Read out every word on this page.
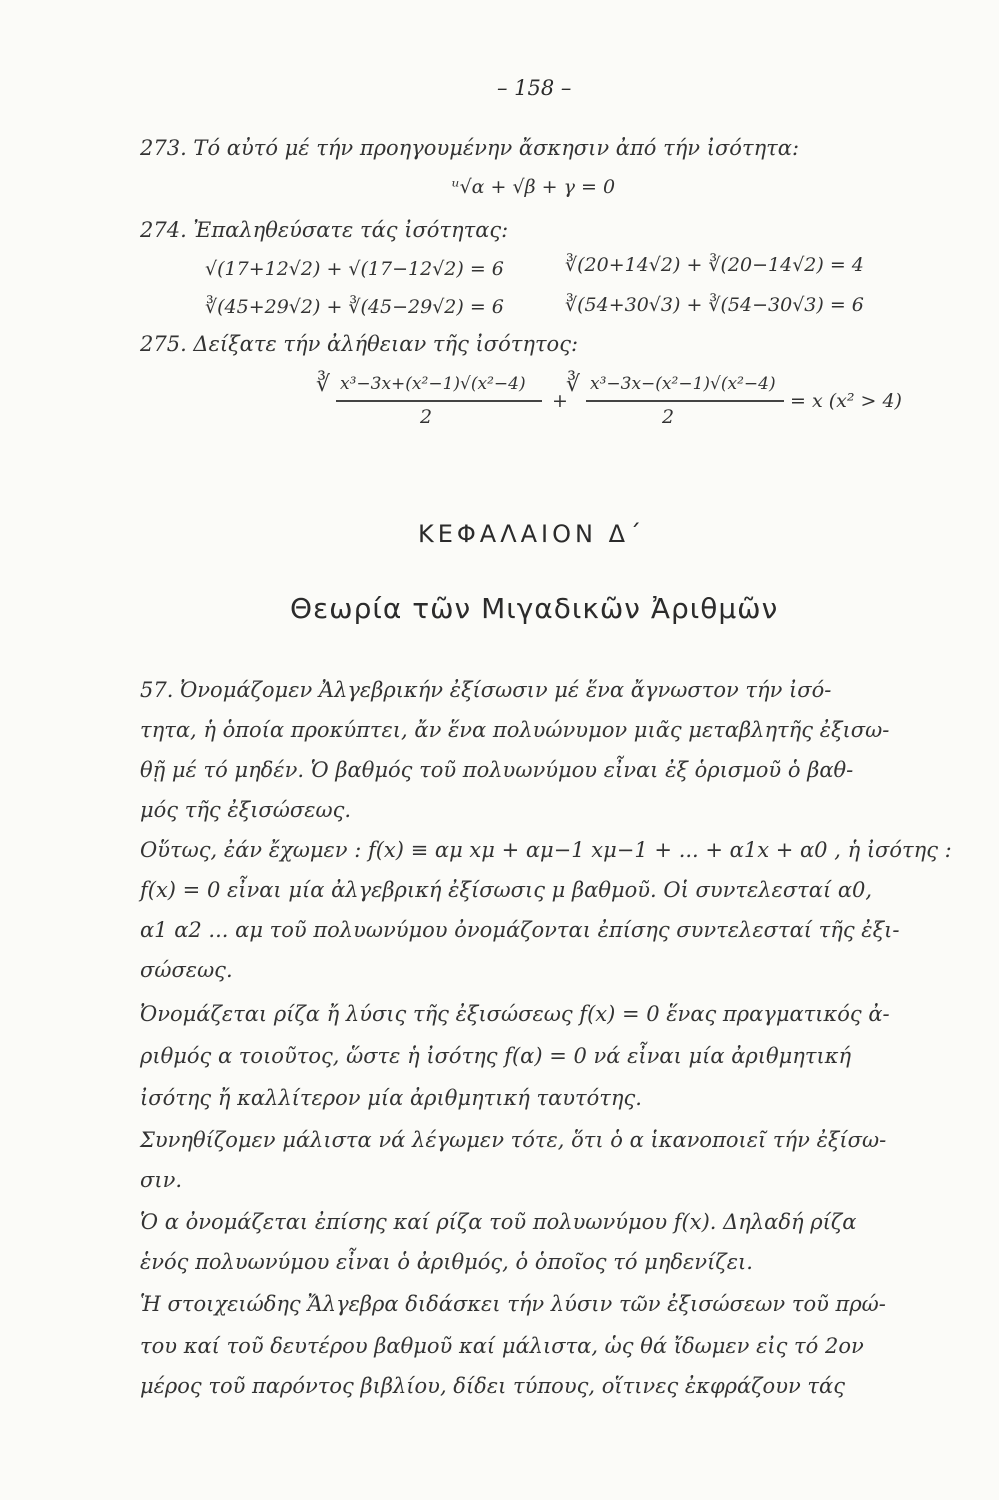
– 158 –
273. Τό αὐτό μέ τήν προηγουμένην ἄσκησιν ἀπό τήν ἰσότητα:
ᵘ√α + √β + γ = 0
274. Ἐπαληθεύσατε τάς ἰσότητας:
√(17+12√2) + √(17−12√2) = 6	∛(20+14√2) + ∛(20−14√2) = 4
∛(45+29√2) + ∛(45−29√2) = 6	∛(54+30√3) + ∛(54−30√3) = 6
275. Δείξατε τήν ἀλήθειαν τῆς ἰσότητος:
∛ x³−3x+(x²−1)√(x²−4)
2
+
∛ x³−3x−(x²−1)√(x²−4)
2
= x (x² > 4)
ΚΕΦΑΛΑΙΟΝ Δ΄
Θεωρία τῶν Μιγαδικῶν Ἀριθμῶν
57. Ὀνομάζομεν Ἀλγεβρικήν ἐξίσωσιν μέ ἕνα ἄγνωστον τήν ἰσό-
τητα, ἡ ὁποία προκύπτει, ἄν ἕνα πολυώνυμον μιᾶς μεταβλητῆς ἐξισω-
θῇ μέ τό μηδέν. Ὁ βαθμός τοῦ πολυωνύμου εἶναι ἐξ ὁρισμοῦ ὁ βαθ-
μός τῆς ἐξισώσεως.
Οὕτως, ἐάν ἔχωμεν : f(x) ≡ αμ xμ + αμ−1 xμ−1 + ... + α1x + α0 , ἡ ἰσότης :
f(x) = 0 εἶναι μία ἀλγεβρική ἐξίσωσις μ βαθμοῦ. Οἱ συντελεσταί α0,
α1 α2 ... αμ τοῦ πολυωνύμου ὀνομάζονται ἐπίσης συντελεσταί τῆς ἐξι-
σώσεως.
Ὀνομάζεται ρίζα ἤ λύσις τῆς ἐξισώσεως f(x) = 0 ἕνας πραγματικός ἀ-
ριθμός α τοιοῦτος, ὥστε ἡ ἰσότης f(α) = 0 νά εἶναι μία ἀριθμητική
ἰσότης ἤ καλλίτερον μία ἀριθμητική ταυτότης.
Συνηθίζομεν μάλιστα νά λέγωμεν τότε, ὅτι ὁ α ἱκανοποιεῖ τήν ἐξίσω-
σιν.
Ὁ α ὀνομάζεται ἐπίσης καί ρίζα τοῦ πολυωνύμου f(x). Δηλαδή ρίζα
ἑνός πολυωνύμου εἶναι ὁ ἀριθμός, ὁ ὁποῖος τό μηδενίζει.
Ἡ στοιχειώδης Ἄλγεβρα διδάσκει τήν λύσιν τῶν ἐξισώσεων τοῦ πρώ-
του καί τοῦ δευτέρου βαθμοῦ καί μάλιστα, ὡς θά ἴδωμεν εἰς τό 2ον
μέρος τοῦ παρόντος βιβλίου, δίδει τύπους, οἵτινες ἐκφράζουν τάς
